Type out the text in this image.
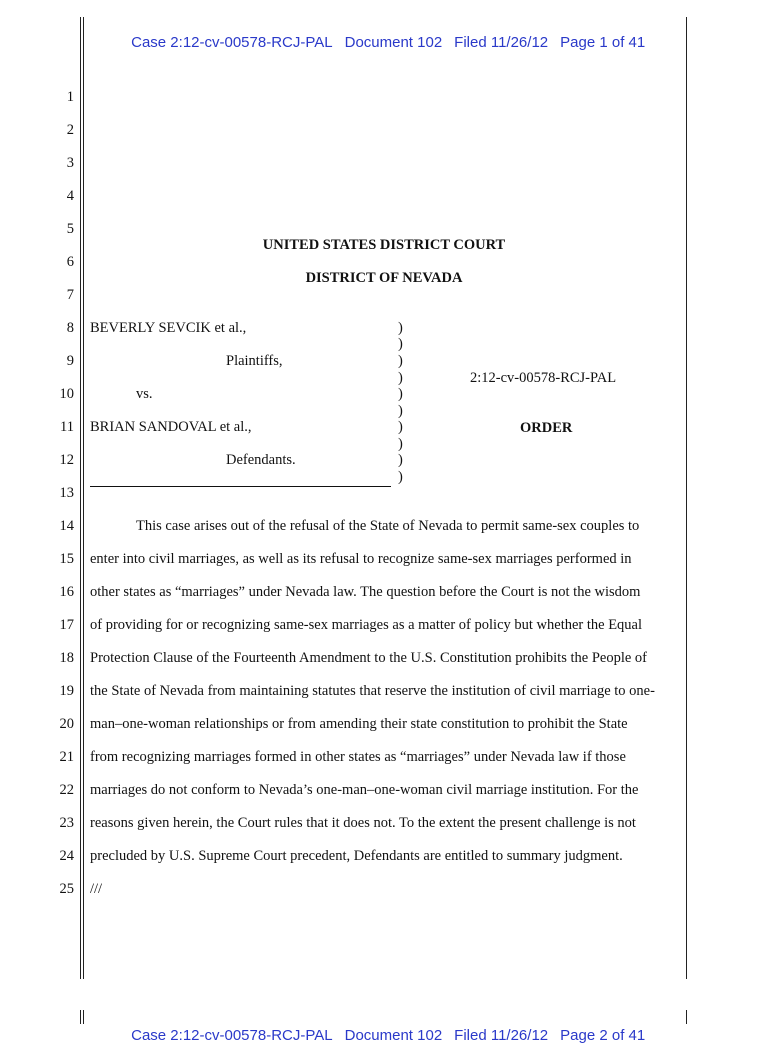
Case 2:12-cv-00578-RCJ-PAL Document 102 Filed 11/26/12 Page 1 of 41

1
2
3
4
5
6
7
8
9
10
11
12
13
14
15
16
17
18
19
20
21
22
23
24
25
UNITED STATES DISTRICT COURT
DISTRICT OF NEVADA
BEVERLY SEVCIK et al.,
Plaintiffs,
vs.
BRIAN SANDOVAL et al.,
Defendants.
)
)
)
)
)
)
)
)
)
)
2:12-cv-00578-RCJ-PAL
ORDER
This case arises out of the refusal of the State of Nevada to permit same-sex couples to
enter into civil marriages, as well as its refusal to recognize same-sex marriages performed in
other states as “marriages” under Nevada law. The question before the Court is not the wisdom
of providing for or recognizing same-sex marriages as a matter of policy but whether the Equal
Protection Clause of the Fourteenth Amendment to the U.S. Constitution prohibits the People of
the State of Nevada from maintaining statutes that reserve the institution of civil marriage to one-
man–one-woman relationships or from amending their state constitution to prohibit the State
from recognizing marriages formed in other states as “marriages” under Nevada law if those
marriages do not conform to Nevada’s one-man–one-woman civil marriage institution. For the
reasons given herein, the Court rules that it does not. To the extent the present challenge is not
precluded by U.S. Supreme Court precedent, Defendants are entitled to summary judgment.
///

Case 2:12-cv-00578-RCJ-PAL Document 102 Filed 11/26/12 Page 2 of 41
